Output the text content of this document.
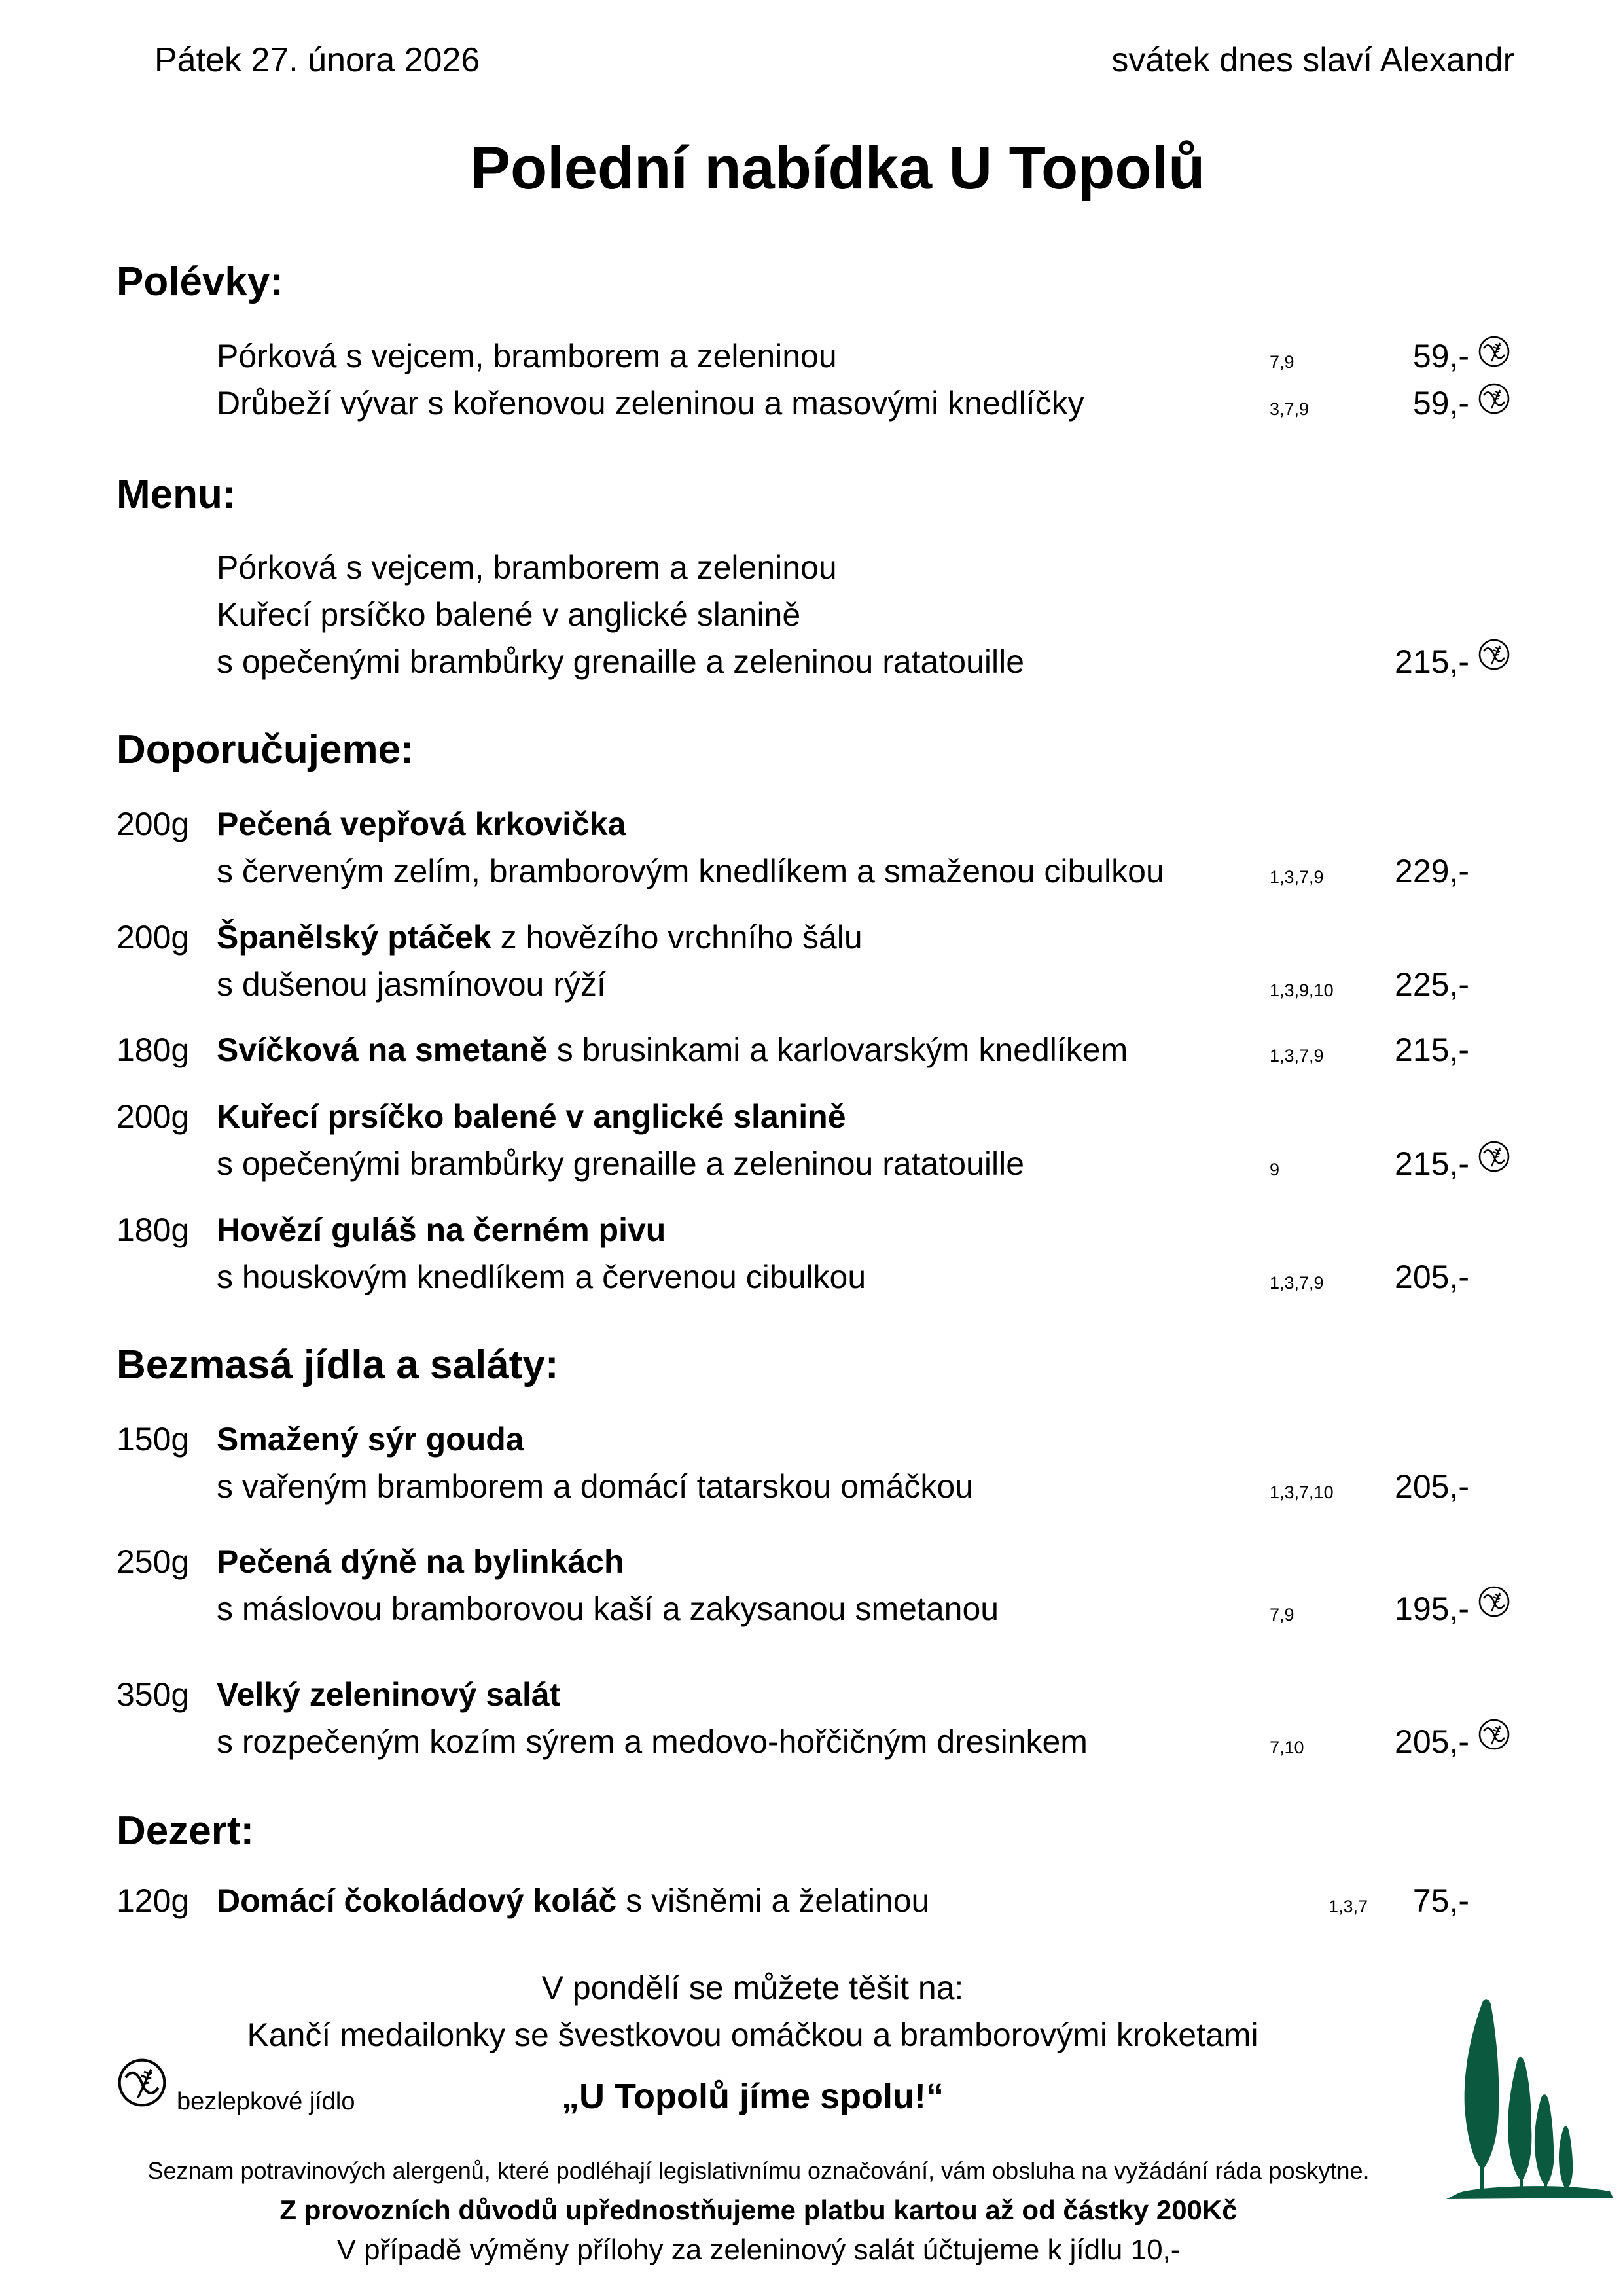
Pátek 27. února 2026	svátek dnes slaví Alexandr
Polední nabídka U Topolů
Polévky:
Pórková s vejcem, bramborem a zeleninou	7,9	59,-
Drůbeží vývar s kořenovou zeleninou a masovými knedlíčky	3,7,9	59,-
Menu:
Pórková s vejcem, bramborem a zeleninou
Kuřecí prsíčko balené v anglické slanině
s opečenými brambůrky grenaille a zeleninou ratatouille	215,-
Doporučujeme:
200g Pečená vepřová krkovička
s červeným zelím, bramborovým knedlíkem a smaženou cibulkou	1,3,7,9 229,-
200g Španělský ptáček z hovězího vrchního šálu
s dušenou jasmínovou rýží	1,3,9,10 225,-
180g Svíčková na smetaně s brusinkami a karlovarským knedlíkem	1,3,7,9 215,-
200g Kuřecí prsíčko balené v anglické slanině
s opečenými brambůrky grenaille a zeleninou ratatouille	9	215,-
180g Hovězí guláš na černém pivu
s houskovým knedlíkem a červenou cibulkou	1,3,7,9 205,-
Bezmasá jídla a saláty:
150g Smažený sýr gouda
s vařeným bramborem a domácí tatarskou omáčkou	1,3,7,10 205,-
250g Pečená dýně na bylinkách
s máslovou bramborovou kaší a zakysanou smetanou	7,9	195,-
350g Velký zeleninový salát
s rozpečeným kozím sýrem a medovo-hořčičným dresinkem	7,10	205,-
Dezert:
120g Domácí čokoládový koláč s višněmi a želatinou	1,3,7 75,-
V pondělí se můžete těšit na:
Kančí medailonky se švestkovou omáčkou a bramborovými kroketami
bezlepkové jídlo	„U Topolů jíme spolu!“
Seznam potravinových alergenů, které podléhají legislativnímu označování, vám obsluha na vyžádání ráda poskytne.
Z provozních důvodů upřednostňujeme platbu kartou až od částky 200Kč
V případě výměny přílohy za zeleninový salát účtujeme k jídlu 10,-
